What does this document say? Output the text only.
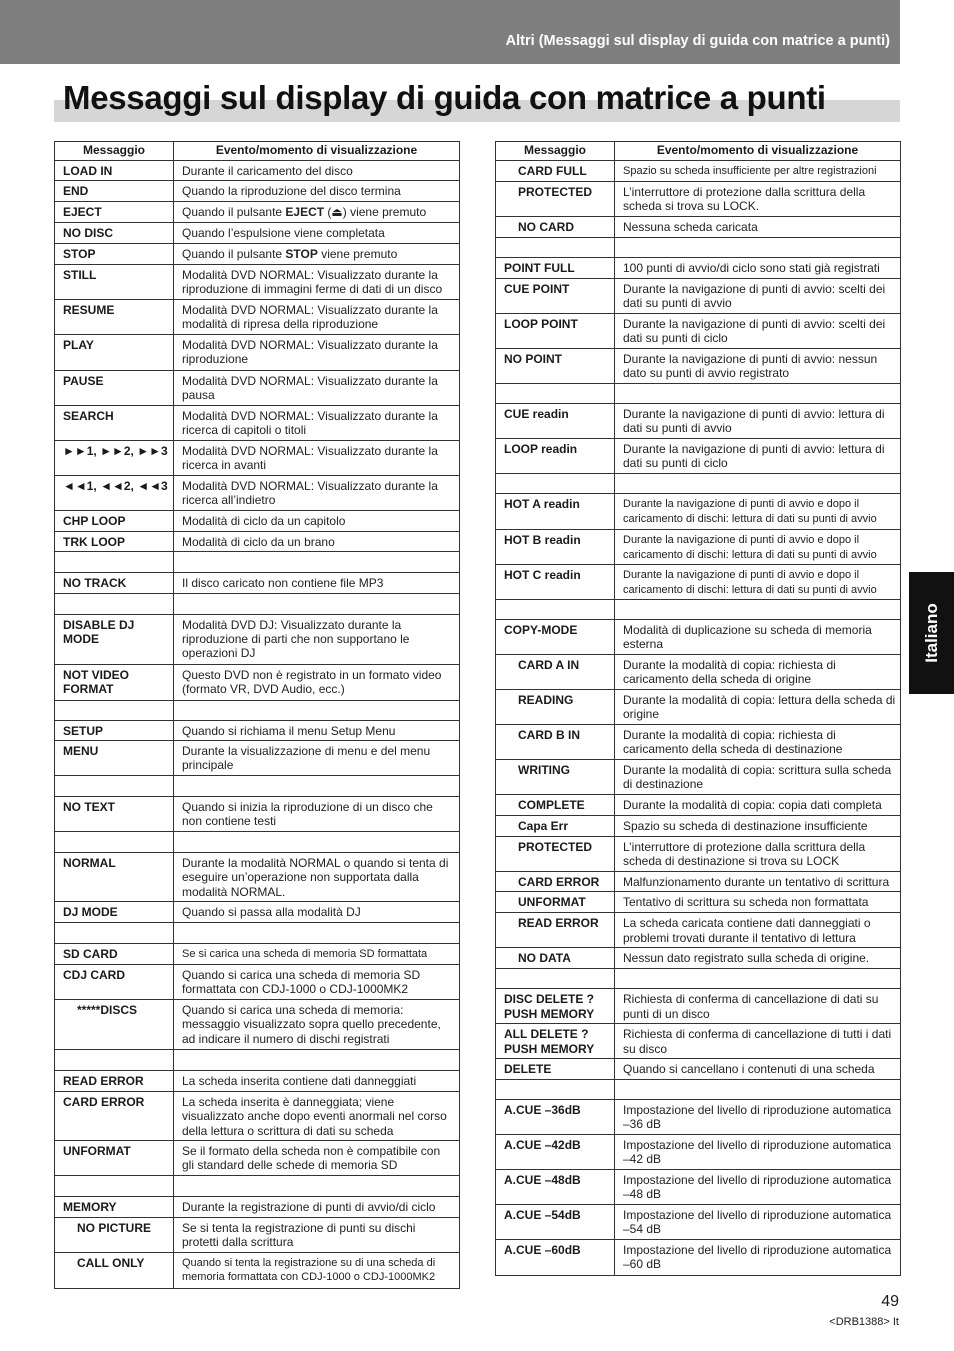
Altri (Messaggi sul display di guida con matrice a punti)
Messaggi sul display di guida con matrice a punti
Messaggio	Evento/momento di visualizzazione
LOAD IN	Durante il caricamento del disco
END	Quando la riproduzione del disco termina
EJECT	Quando il pulsante EJECT (⏏) viene premuto
NO DISC	Quando l’espulsione viene completata
STOP	Quando il pulsante STOP viene premuto
STILL	Modalità DVD NORMAL: Visualizzato durante la riproduzione di immagini ferme di dati di un disco
RESUME	Modalità DVD NORMAL: Visualizzato durante la modalità di ripresa della riproduzione
PLAY	Modalità DVD NORMAL: Visualizzato durante la riproduzione
PAUSE	Modalità DVD NORMAL: Visualizzato durante la pausa
SEARCH	Modalità DVD NORMAL: Visualizzato durante la ricerca di capitoli o titoli
►►1, ►►2, ►►3	Modalità DVD NORMAL: Visualizzato durante la ricerca in avanti
◄◄1, ◄◄2, ◄◄3	Modalità DVD NORMAL: Visualizzato durante la ricerca all’indietro
CHP LOOP	Modalità di ciclo da un capitolo
TRK LOOP	Modalità di ciclo da un brano

NO TRACK	Il disco caricato non contiene file MP3

DISABLE DJ MODE	Modalità DVD DJ: Visualizzato durante la riproduzione di parti che non supportano le operazioni DJ
NOT VIDEO FORMAT	Questo DVD non è registrato in un formato video (formato VR, DVD Audio, ecc.)

SETUP	Quando si richiama il menu Setup Menu
MENU	Durante la visualizzazione di menu e del menu principale

NO TEXT	Quando si inizia la riproduzione di un disco che non contiene testi

NORMAL	Durante la modalità NORMAL o quando si tenta di eseguire un’operazione non supportata dalla modalità NORMAL.
DJ MODE	Quando si passa alla modalità DJ

SD CARD	Se si carica una scheda di memoria SD formattata
CDJ CARD	Quando si carica una scheda di memoria SD formattata con CDJ-1000 o CDJ-1000MK2
*****DISCS	Quando si carica una scheda di memoria: messaggio visualizzato sopra quello precedente, ad indicare il numero di dischi registrati

READ ERROR	La scheda inserita contiene dati danneggiati
CARD ERROR	La scheda inserita è danneggiata; viene visualizzato anche dopo eventi anormali nel corso della lettura o scrittura di dati su scheda
UNFORMAT	Se il formato della scheda non è compatibile con gli standard delle schede di memoria SD

MEMORY	Durante la registrazione di punti di avvio/di ciclo
NO PICTURE	Se si tenta la registrazione di punti su dischi protetti dalla scrittura
CALL ONLY	Quando si tenta la registrazione su di una scheda di memoria formattata con CDJ-1000 o CDJ-1000MK2
Messaggio	Evento/momento di visualizzazione
CARD FULL	Spazio su scheda insufficiente per altre registrazioni
PROTECTED	L’interruttore di protezione dalla scrittura della scheda si trova su LOCK.
NO CARD	Nessuna scheda caricata

POINT FULL	100 punti di avvio/di ciclo sono stati già registrati
CUE POINT	Durante la navigazione di punti di avvio: scelti dei dati su punti di avvio
LOOP POINT	Durante la navigazione di punti di avvio: scelti dei dati su punti di ciclo
NO POINT	Durante la navigazione di punti di avvio: nessun dato su punti di avvio registrato

CUE readin	Durante la navigazione di punti di avvio: lettura di dati su punti di avvio
LOOP readin	Durante la navigazione di punti di avvio: lettura di dati su punti di ciclo

HOT A readin	Durante la navigazione di punti di avvio e dopo il caricamento di dischi: lettura di dati su punti di avvio
HOT B readin	Durante la navigazione di punti di avvio e dopo il caricamento di dischi: lettura di dati su punti di avvio
HOT C readin	Durante la navigazione di punti di avvio e dopo il caricamento di dischi: lettura di dati su punti di avvio

COPY-MODE	Modalità di duplicazione su scheda di memoria esterna
CARD A IN	Durante la modalità di copia: richiesta di caricamento della scheda di origine
READING	Durante la modalità di copia: lettura della scheda di origine
CARD B IN	Durante la modalità di copia: richiesta di caricamento della scheda di destinazione
WRITING	Durante la modalità di copia: scrittura sulla scheda di destinazione
COMPLETE	Durante la modalità di copia: copia dati completa
Capa Err	Spazio su scheda di destinazione insufficiente
PROTECTED	L’interruttore di protezione dalla scrittura della scheda di destinazione si trova su LOCK
CARD ERROR	Malfunzionamento durante un tentativo di scrittura
UNFORMAT	Tentativo di scrittura su scheda non formattata
READ ERROR	La scheda caricata contiene dati danneggiati o problemi trovati durante il tentativo di lettura
NO DATA	Nessun dato registrato sulla scheda di origine.

DISC DELETE ? PUSH MEMORY	Richiesta di conferma di cancellazione di dati su punti di un disco
ALL DELETE ? PUSH MEMORY	Richiesta di conferma di cancellazione di tutti i dati su disco
DELETE	Quando si cancellano i contenuti di una scheda

A.CUE –36dB	Impostazione del livello di riproduzione automatica –36 dB
A.CUE –42dB	Impostazione del livello di riproduzione automatica –42 dB
A.CUE –48dB	Impostazione del livello di riproduzione automatica –48 dB
A.CUE –54dB	Impostazione del livello di riproduzione automatica –54 dB
A.CUE –60dB	Impostazione del livello di riproduzione automatica –60 dB
Italiano
49
<DRB1388> It
